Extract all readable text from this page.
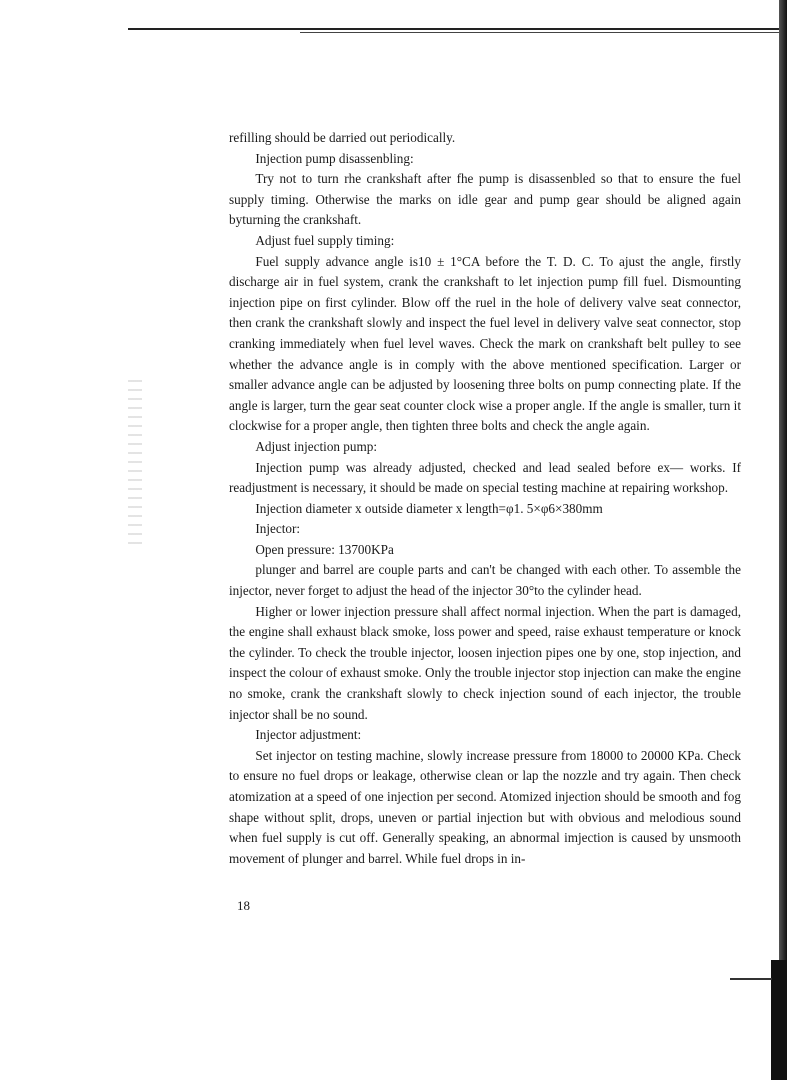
refilling should be darried out periodically.

Injection pump disassenbling:

Try not to turn rhe crankshaft after fhe pump is disassenbled so that to ensure the fuel supply timing. Otherwise the marks on idle gear and pump gear should be aligned again byturning the crankshaft.

Adjust fuel supply timing:

Fuel supply advance angle is10 ± 1°CA before the T. D. C. To ajust the angle, firstly discharge air in fuel system, crank the crankshaft to let injection pump fill fuel. Dismounting injection pipe on first cylinder. Blow off the ruel in the hole of delivery valve seat connector, then crank the crankshaft slowly and inspect the fuel level in delivery valve seat connector, stop cranking immediately when fuel level waves. Check the mark on crankshaft belt pulley to see whether the advance angle is in comply with the above mentioned specification. Larger or smaller advance angle can be adjusted by loosening three bolts on pump connecting plate. If the angle is larger, turn the gear seat counter clock wise a proper angle. If the angle is smaller, turn it clockwise for a proper angle, then tighten three bolts and check the angle again.

Adjust injection pump:

Injection pump was already adjusted, checked and lead sealed before ex— works. If readjustment is necessary, it should be made on special testing machine at repairing workshop.

Injection diameter x outside diameter x length=φ1. 5×φ6×380mm

Injector:

Open pressure: 13700KPa

plunger and barrel are couple parts and can't be changed with each other. To assemble the injector, never forget to adjust the head of the injector 30°to the cylinder head.

Higher or lower injection pressure shall affect normal injection. When the part is damaged, the engine shall exhaust black smoke, loss power and speed, raise exhaust temperature or knock the cylinder. To check the trouble injector, loosen injection pipes one by one, stop injection, and inspect the colour of exhaust smoke. Only the trouble injector stop injection can make the engine no smoke, crank the crankshaft slowly to check injection sound of each injector, the trouble injector shall be no sound.

Injector adjustment:

Set injector on testing machine, slowly increase pressure from 18000 to 20000 KPa. Check to ensure no fuel drops or leakage, otherwise clean or lap the nozzle and try again. Then check atomization at a speed of one injection per second. Atomized injection should be smooth and fog shape without split, drops, uneven or partial injection but with obvious and melodious sound when fuel supply is cut off. Generally speaking, an abnormal imjection is caused by unsmooth movement of plunger and barrel. While fuel drops in in-

18
